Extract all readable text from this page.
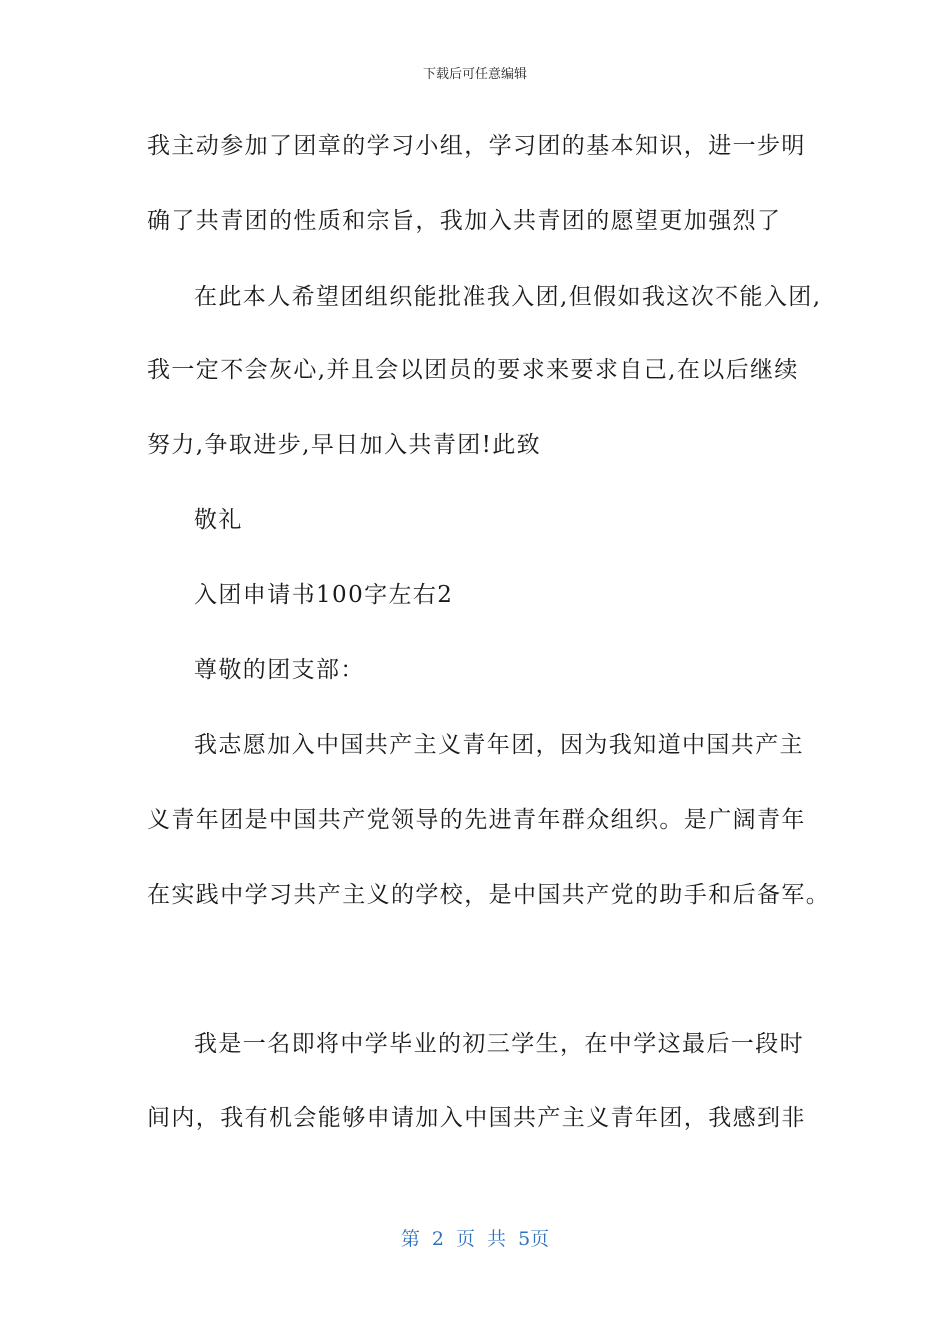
下载后可任意编辑
我主动参加了团章的学习小组，学习团的基本知识，进一步明
确了共青团的性质和宗旨，我加入共青团的愿望更加强烈了
在此本人希望团组织能批准我入团,但假如我这次不能入团,
我一定不会灰心,并且会以团员的要求来要求自己,在以后继续
努力,争取进步,早日加入共青团!此致
敬礼
入团申请书100字左右2
尊敬的团支部：
我志愿加入中国共产主义青年团，因为我知道中国共产主
义青年团是中国共产党领导的先进青年群众组织。是广阔青年
在实践中学习共产主义的学校，是中国共产党的助手和后备军。
我是一名即将中学毕业的初三学生，在中学这最后一段时
间内，我有机会能够申请加入中国共产主义青年团，我感到非
第 2 页 共 5页
